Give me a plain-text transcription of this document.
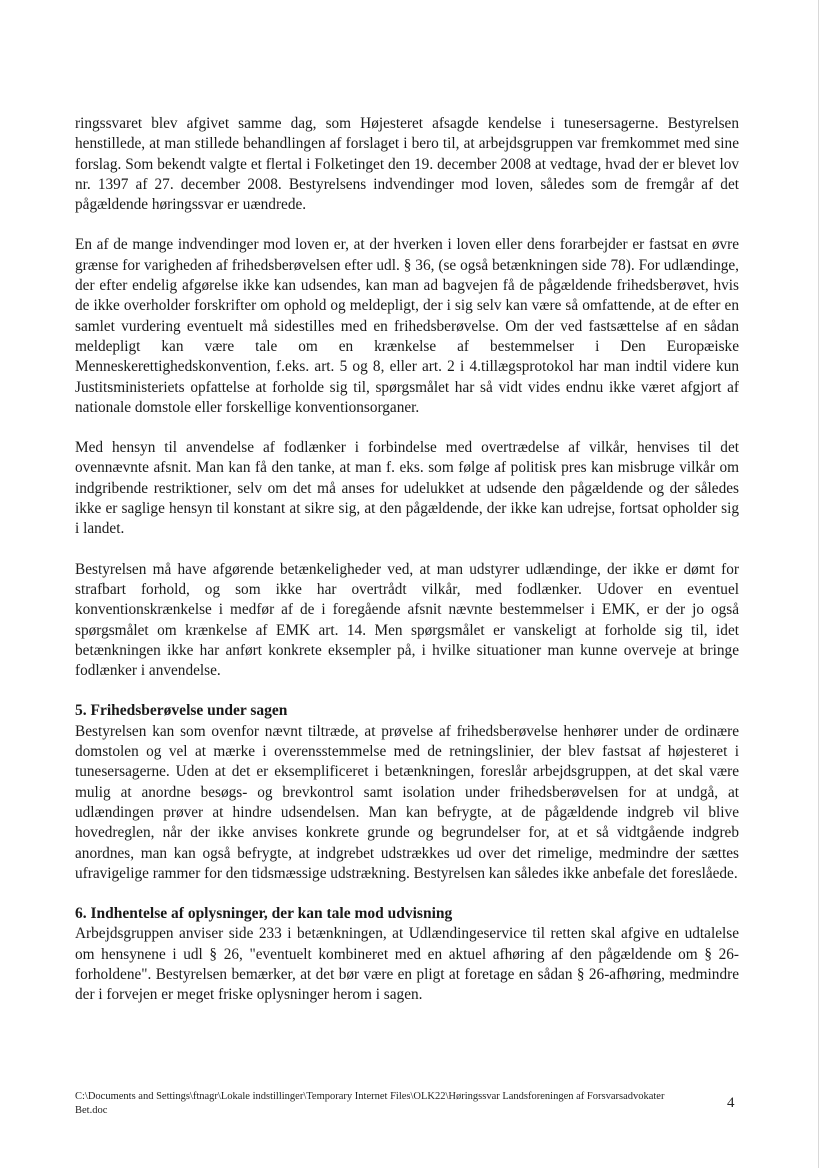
ringssvaret blev afgivet samme dag, som Højesteret afsagde kendelse i tunesersagerne. Bestyrelsen henstillede, at man stillede behandlingen af forslaget i bero til, at arbejdsgruppen var fremkommet med sine forslag. Som bekendt valgte et flertal i Folketinget den 19. december 2008 at vedtage, hvad der er blevet lov nr. 1397 af 27. december 2008. Bestyrelsens indvendinger mod loven, således som de fremgår af det pågældende høringssvar er uændrede.

En af de mange indvendinger mod loven er, at der hverken i loven eller dens forarbejder er fastsat en øvre grænse for varigheden af frihedsberøvelsen efter udl. § 36, (se også betænkningen side 78). For udlændinge, der efter endelig afgørelse ikke kan udsendes, kan man ad bagvejen få de pågældende frihedsberøvet, hvis de ikke overholder forskrifter om ophold og meldepligt, der i sig selv kan være så omfattende, at de efter en samlet vurdering eventuelt må sidestilles med en frihedsberøvelse. Om der ved fastsættelse af en sådan meldepligt kan være tale om en krænkelse af bestemmelser i Den Europæiske Menneskerettighedskonvention, f.eks. art. 5 og 8, eller art. 2 i 4.tillægsprotokol har man indtil videre kun Justitsministeriets opfattelse at forholde sig til, spørgsmålet har så vidt vides endnu ikke været afgjort af nationale domstole eller forskellige konventionsorganer.

Med hensyn til anvendelse af fodlænker i forbindelse med overtrædelse af vilkår, henvises til det ovennævnte afsnit. Man kan få den tanke, at man f. eks. som følge af politisk pres kan misbruge vilkår om indgribende restriktioner, selv om det må anses for udelukket at udsende den pågældende og der således ikke er saglige hensyn til konstant at sikre sig, at den pågældende, der ikke kan udrejse, fortsat opholder sig i landet.

Bestyrelsen må have afgørende betænkeligheder ved, at man udstyrer udlændinge, der ikke er dømt for strafbart forhold, og som ikke har overtrådt vilkår, med fodlænker. Udover en eventuel konventionskrænkelse i medfør af de i foregående afsnit nævnte bestemmelser i EMK, er der jo også spørgsmålet om krænkelse af EMK art. 14. Men spørgsmålet er vanskeligt at forholde sig til, idet betænkningen ikke har anført konkrete eksempler på, i hvilke situationer man kunne overveje at bringe fodlænker i anvendelse.

5. Frihedsberøvelse under sagen

Bestyrelsen kan som ovenfor nævnt tiltræde, at prøvelse af frihedsberøvelse henhører under de ordinære domstolen og vel at mærke i overensstemmelse med de retningslinier, der blev fastsat af højesteret i tunesersagerne. Uden at det er eksemplificeret i betænkningen, foreslår arbejdsgruppen, at det skal være mulig at anordne besøgs- og brevkontrol samt isolation under frihedsberøvelsen for at undgå, at udlændingen prøver at hindre udsendelsen. Man kan befrygte, at de pågældende indgreb vil blive hovedreglen, når der ikke anvises konkrete grunde og begrundelser for, at et så vidtgående indgreb anordnes, man kan også befrygte, at indgrebet udstrækkes ud over det rimelige, medmindre der sættes ufravigelige rammer for den tidsmæssige udstrækning. Bestyrelsen kan således ikke anbefale det foreslåede.

6. Indhentelse af oplysninger, der kan tale mod udvisning

Arbejdsgruppen anviser side 233 i betænkningen, at Udlændingeservice til retten skal afgive en udtalelse om hensynene i udl § 26, "eventuelt kombineret med en aktuel afhøring af den pågældende om § 26-forholdene". Bestyrelsen bemærker, at det bør være en pligt at foretage en sådan § 26-afhøring, medmindre der i forvejen er meget friske oplysninger herom i sagen.

C:\Documents and Settings\ftnagr\Lokale indstillinger\Temporary Internet Files\OLK22\Høringssvar Landsforeningen af Forsvarsadvokater
Bet.doc	4
